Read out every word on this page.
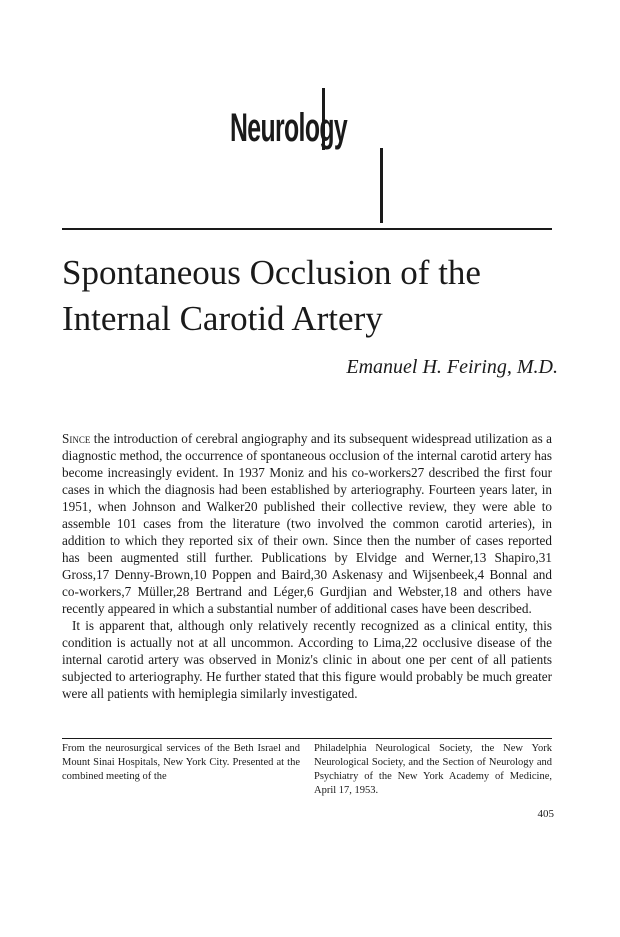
Neurology
Spontaneous Occlusion of the Internal Carotid Artery
Emanuel H. Feiring, M.D.

Since the introduction of cerebral angiography and its subsequent widespread utilization as a diagnostic method, the occurrence of spontaneous occlusion of the internal carotid artery has become increasingly evident. In 1937 Moniz and his co-workers27 described the first four cases in which the diagnosis had been established by arteriography. Fourteen years later, in 1951, when Johnson and Walker20 published their collective review, they were able to assemble 101 cases from the literature (two involved the common carotid arteries), in addition to which they reported six of their own. Since then the number of cases reported has been augmented still further. Publications by Elvidge and Werner,13 Shapiro,31 Gross,17 Denny-Brown,10 Poppen and Baird,30 Askenasy and Wijsenbeek,4 Bonnal and co-workers,7 Müller,28 Bertrand and Léger,6 Gurdjian and Webster,18 and others have recently appeared in which a substantial number of additional cases have been described.

It is apparent that, although only relatively recently recognized as a clinical entity, this condition is actually not at all uncommon. According to Lima,22 occlusive disease of the internal carotid artery was observed in Moniz's clinic in about one per cent of all patients subjected to arteriography. He further stated that this figure would probably be much greater were all patients with hemiplegia similarly investigated.

From the neurosurgical services of the Beth Israel and Mount Sinai Hospitals, New York City. Presented at the combined meeting of the
Philadelphia Neurological Society, the New York Neurological Society, and the Section of Neurology and Psychiatry of the New York Academy of Medicine, April 17, 1953.
405
